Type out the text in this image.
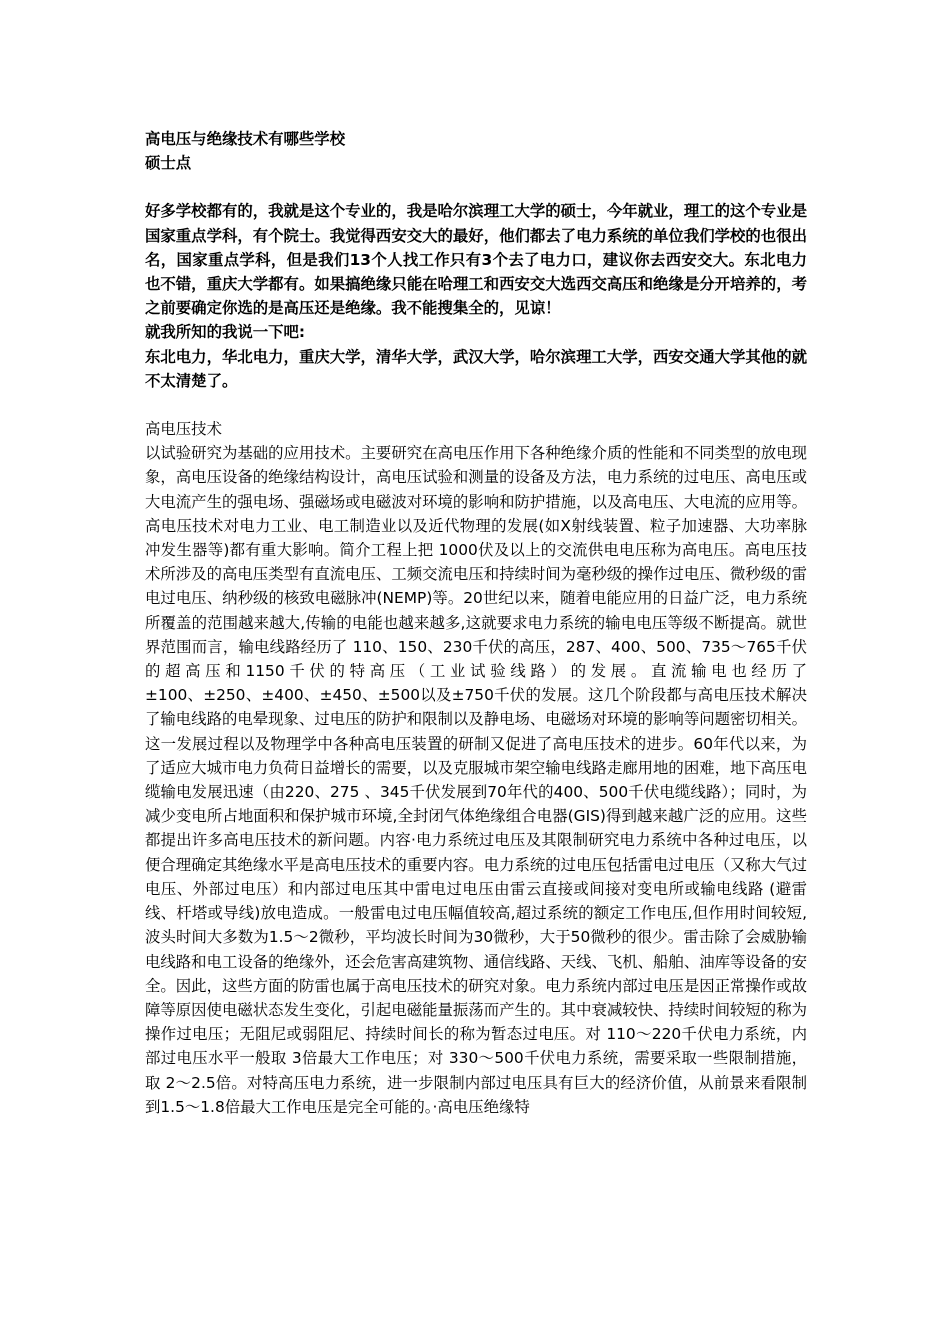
高电压与绝缘技术有哪些学校
硕士点
好多学校都有的，我就是这个专业的，我是哈尔滨理工大学的硕士，今年就业，理工的这个专业是国家重点学科，有个院士。我觉得西安交大的最好，他们都去了电力系统的单位我们学校的也很出名，国家重点学科，但是我们13个人找工作只有3个去了电力口，建议你去西安交大。东北电力也不错，重庆大学都有。如果搞绝缘只能在哈理工和西安交大选西交高压和绝缘是分开培养的，考之前要确定你选的是高压还是绝缘。我不能搜集全的，见谅！
就我所知的我说一下吧:
东北电力，华北电力，重庆大学，清华大学，武汉大学，哈尔滨理工大学，西安交通大学其他的就不太清楚了。
高电压技术
以试验研究为基础的应用技术。主要研究在高电压作用下各种绝缘介质的性能和不同类型的放电现象，高电压设备的绝缘结构设计，高电压试验和测量的设备及方法，电力系统的过电压、高电压或大电流产生的强电场、强磁场或电磁波对环境的影响和防护措施，以及高电压、大电流的应用等。高电压技术对电力工业、电工制造业以及近代物理的发展(如X射线装置、粒子加速器、大功率脉冲发生器等)都有重大影响。简介工程上把 1000伏及以上的交流供电电压称为高电压。高电压技术所涉及的高电压类型有直流电压、工频交流电压和持续时间为毫秒级的操作过电压、微秒级的雷电过电压、纳秒级的核致电磁脉冲(NEMP)等。20世纪以来，随着电能应用的日益广泛，电力系统所覆盖的范围越来越大,传输的电能也越来越多,这就要求电力系统的输电电压等级不断提高。就世界范围而言，输电线路经历了 110、150、230千伏的高压，287、400、500、735～765千伏的超高压和1150千伏的特高压（工业试验线路）的发展。直流输电也经历了±100、±250、±400、±450、±500以及±750千伏的发展。这几个阶段都与高电压技术解决了输电线路的电晕现象、过电压的防护和限制以及静电场、电磁场对环境的影响等问题密切相关。这一发展过程以及物理学中各种高电压装置的研制又促进了高电压技术的进步。60年代以来，为了适应大城市电力负荷日益增长的需要，以及克服城市架空输电线路走廊用地的困难，地下高压电缆输电发展迅速（由220、275 、345千伏发展到70年代的400、500千伏电缆线路）；同时，为减少变电所占地面积和保护城市环境,全封闭气体绝缘组合电器(GIS)得到越来越广泛的应用。这些都提出许多高电压技术的新问题。内容·电力系统过电压及其限制研究电力系统中各种过电压，以便合理确定其绝缘水平是高电压技术的重要内容。电力系统的过电压包括雷电过电压（又称大气过电压、外部过电压）和内部过电压其中雷电过电压由雷云直接或间接对变电所或输电线路 (避雷线、杆塔或导线)放电造成。一般雷电过电压幅值较高,超过系统的额定工作电压,但作用时间较短,波头时间大多数为1.5～2微秒，平均波长时间为30微秒，大于50微秒的很少。雷击除了会威胁输电线路和电工设备的绝缘外，还会危害高建筑物、通信线路、天线、飞机、船舶、油库等设备的安全。因此，这些方面的防雷也属于高电压技术的研究对象。电力系统内部过电压是因正常操作或故障等原因使电磁状态发生变化，引起电磁能量振荡而产生的。其中衰减较快、持续时间较短的称为操作过电压；无阻尼或弱阻尼、持续时间长的称为暂态过电压。对 110～220千伏电力系统，内部过电压水平一般取 3倍最大工作电压；对 330～500千伏电力系统，需要采取一些限制措施，取 2～2.5倍。对特高压电力系统，进一步限制内部过电压具有巨大的经济价值，从前景来看限制到1.5～1.8倍最大工作电压是完全可能的。·高电压绝缘特
